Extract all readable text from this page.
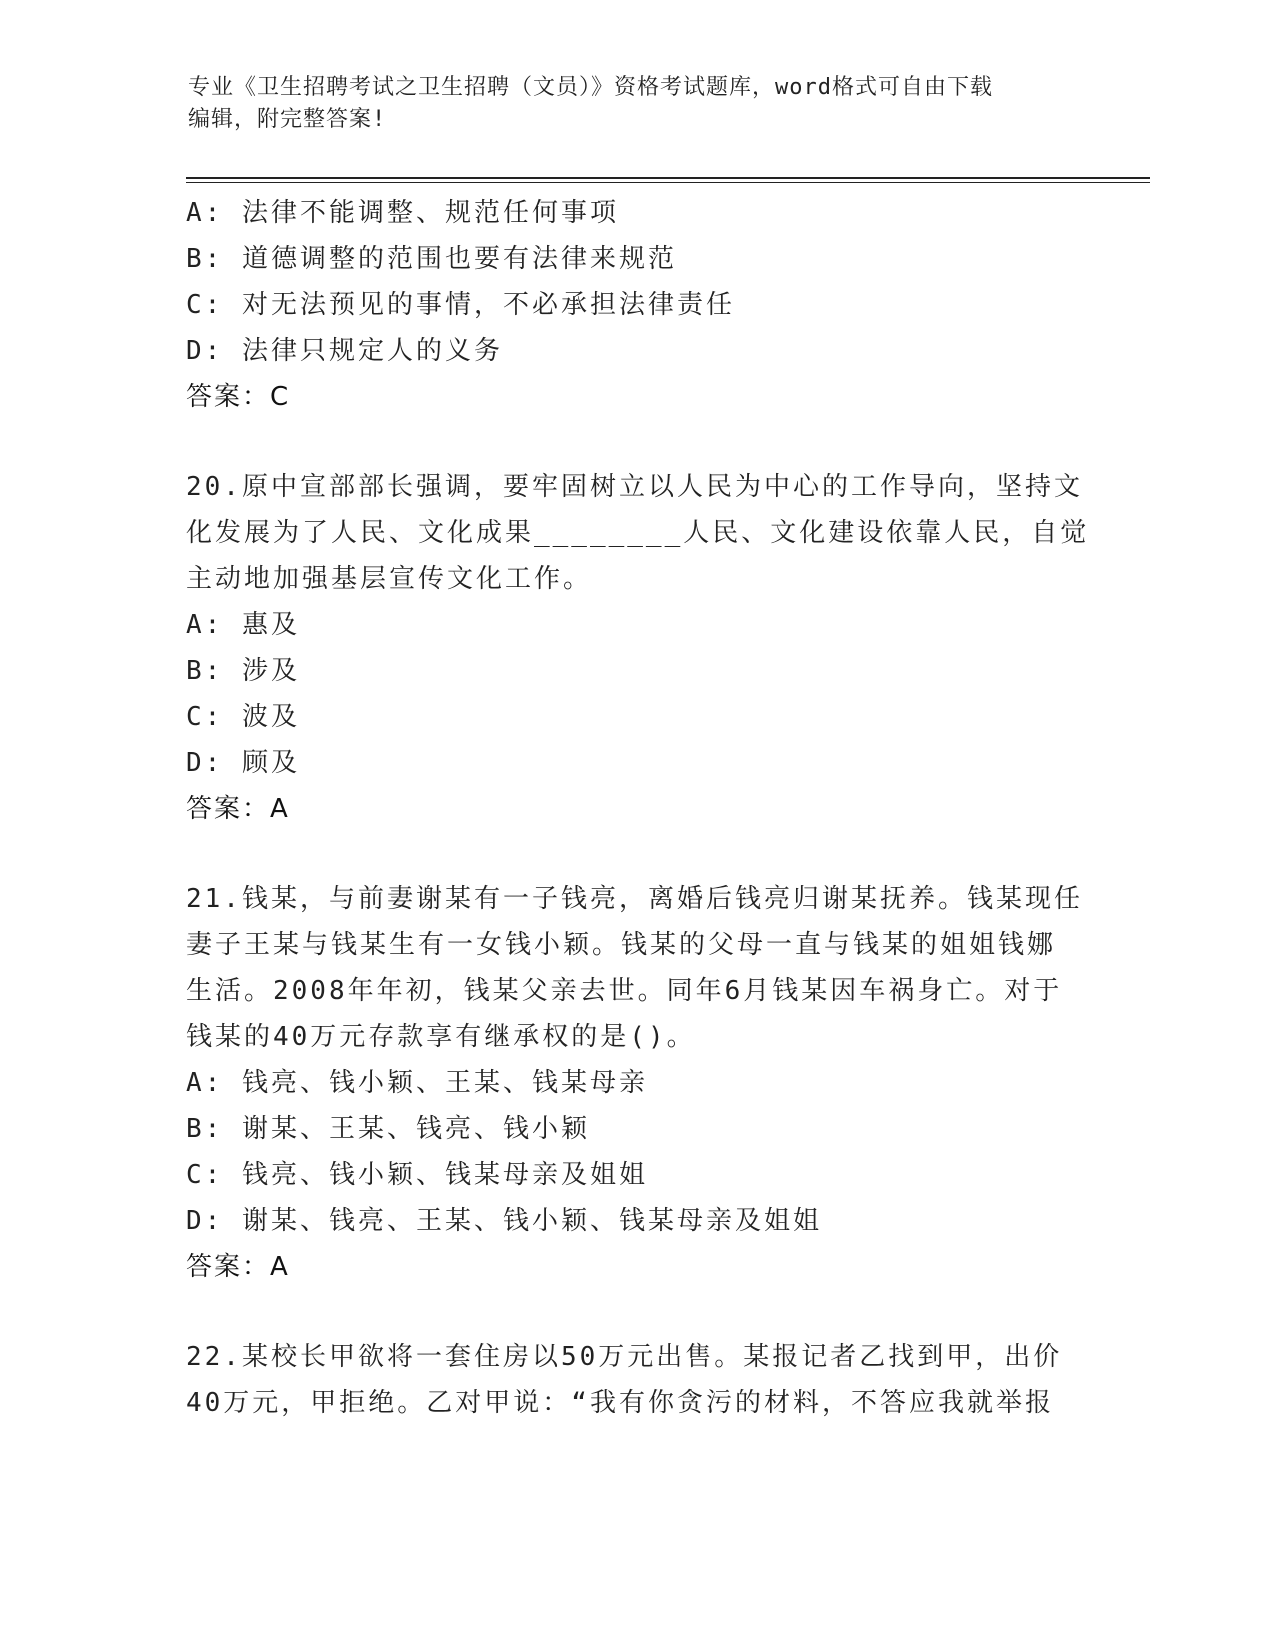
专业《卫生招聘考试之卫生招聘（文员）》资格考试题库，word格式可自由下载
编辑，附完整答案!
A: 法律不能调整、规范任何事项
B: 道德调整的范围也要有法律来规范
C: 对无法预见的事情，不必承担法律责任
D: 法律只规定人的义务
答案：C
20.原中宣部部长强调，要牢固树立以人民为中心的工作导向，坚持文
化发展为了人民、文化成果________人民、文化建设依靠人民，自觉
主动地加强基层宣传文化工作。
A: 惠及
B: 涉及
C: 波及
D: 顾及
答案：A
21.钱某，与前妻谢某有一子钱亮，离婚后钱亮归谢某抚养。钱某现任
妻子王某与钱某生有一女钱小颖。钱某的父母一直与钱某的姐姐钱娜
生活。2008年年初，钱某父亲去世。同年6月钱某因车祸身亡。对于
钱某的40万元存款享有继承权的是()。
A: 钱亮、钱小颖、王某、钱某母亲
B: 谢某、王某、钱亮、钱小颖
C: 钱亮、钱小颖、钱某母亲及姐姐
D: 谢某、钱亮、王某、钱小颖、钱某母亲及姐姐
答案：A
22.某校长甲欲将一套住房以50万元出售。某报记者乙找到甲，出价
40万元，甲拒绝。乙对甲说：“我有你贪污的材料，不答应我就举报
